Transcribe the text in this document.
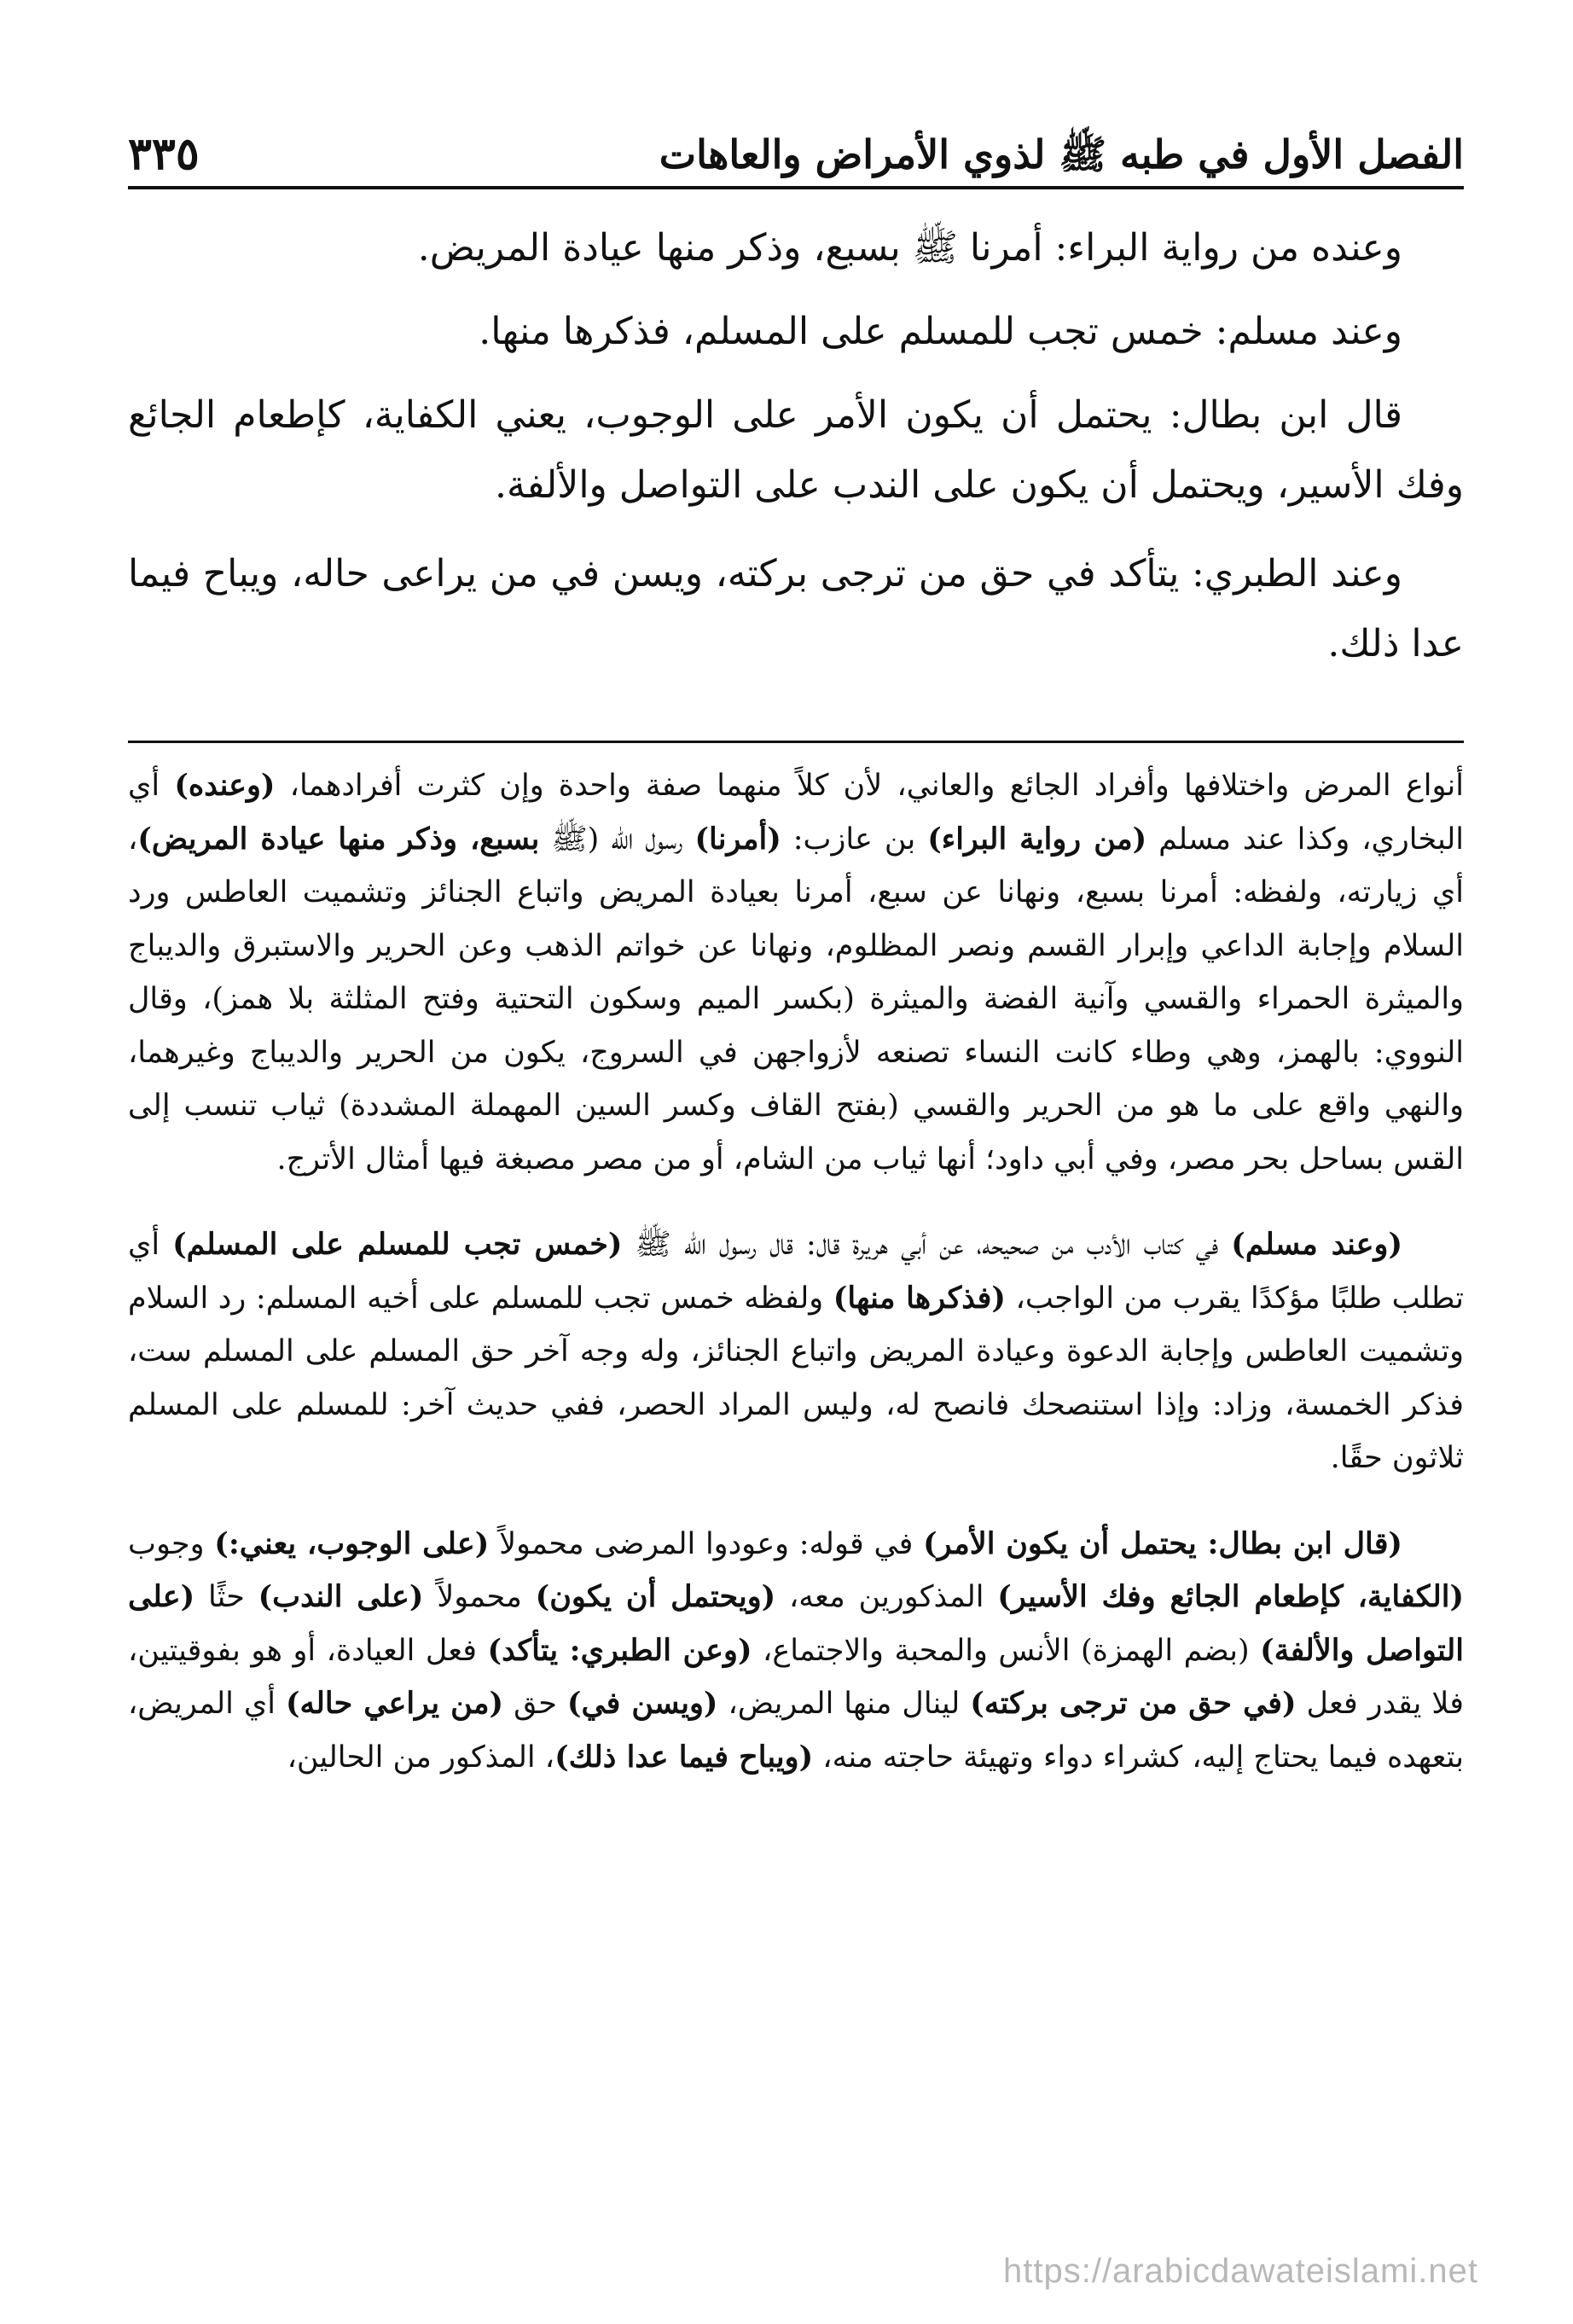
الفصل الأول في طبه ﷺ لذوي الأمراض والعاهات
٣٣٥

وعنده من رواية البراء: أمرنا ﷺ بسبع، وذكر منها عيادة المريض.

وعند مسلم: خمس تجب للمسلم على المسلم، فذكرها منها.

قال ابن بطال: يحتمل أن يكون الأمر على الوجوب، يعني الكفاية، كإطعام الجائع وفك الأسير، ويحتمل أن يكون على الندب على التواصل والألفة.

وعند الطبري: يتأكد في حق من ترجى بركته، ويسن في من يراعى حاله، ويباح فيما عدا ذلك.

أنواع المرض واختلافها وأفراد الجائع والعاني، لأن كلاً منهما صفة واحدة وإن كثرت أفرادهما، (وعنده) أي البخاري، وكذا عند مسلم (من رواية البراء) بن عازب: (أمرنا) رسول الله (ﷺ بسبع، وذكر منها عيادة المريض)، أي زيارته، ولفظه: أمرنا بسبع، ونهانا عن سبع، أمرنا بعيادة المريض واتباع الجنائز وتشميت العاطس ورد السلام وإجابة الداعي وإبرار القسم ونصر المظلوم، ونهانا عن خواتم الذهب وعن الحرير والاستبرق والديباج والميثرة الحمراء والقسي وآنية الفضة والميثرة (بكسر الميم وسكون التحتية وفتح المثلثة بلا همز)، وقال النووي: بالهمز، وهي وطاء كانت النساء تصنعه لأزواجهن في السروج، يكون من الحرير والديباج وغيرهما، والنهي واقع على ما هو من الحرير والقسي (بفتح القاف وكسر السين المهملة المشددة) ثياب تنسب إلى القس بساحل بحر مصر، وفي أبي داود؛ أنها ثياب من الشام، أو من مصر مصبغة فيها أمثال الأترج.

(وعند مسلم) في كتاب الأدب من صحيحه، عن أبي هريرة قال: قال رسول الله ﷺ (خمس تجب للمسلم على المسلم) أي تطلب طلبًا مؤكدًا يقرب من الواجب، (فذكرها منها) ولفظه خمس تجب للمسلم على أخيه المسلم: رد السلام وتشميت العاطس وإجابة الدعوة وعيادة المريض واتباع الجنائز، وله وجه آخر حق المسلم على المسلم ست، فذكر الخمسة، وزاد: وإذا استنصحك فانصح له، وليس المراد الحصر، ففي حديث آخر: للمسلم على المسلم ثلاثون حقًا.

(قال ابن بطال: يحتمل أن يكون الأمر) في قوله: وعودوا المرضى محمولاً (على الوجوب، يعني:) وجوب (الكفاية، كإطعام الجائع وفك الأسير) المذكورين معه، (ويحتمل أن يكون) محمولاً (على الندب) حثًا (على التواصل والألفة) (بضم الهمزة) الأنس والمحبة والاجتماع، (وعن الطبري: يتأكد) فعل العيادة، أو هو بفوقيتين، فلا يقدر فعل (في حق من ترجى بركته) لينال منها المريض، (ويسن في) حق (من يراعي حاله) أي المريض، بتعهده فيما يحتاج إليه، كشراء دواء وتهيئة حاجته منه، (ويباح فيما عدا ذلك)، المذكور من الحالين،

https://arabicdawateislami.net
